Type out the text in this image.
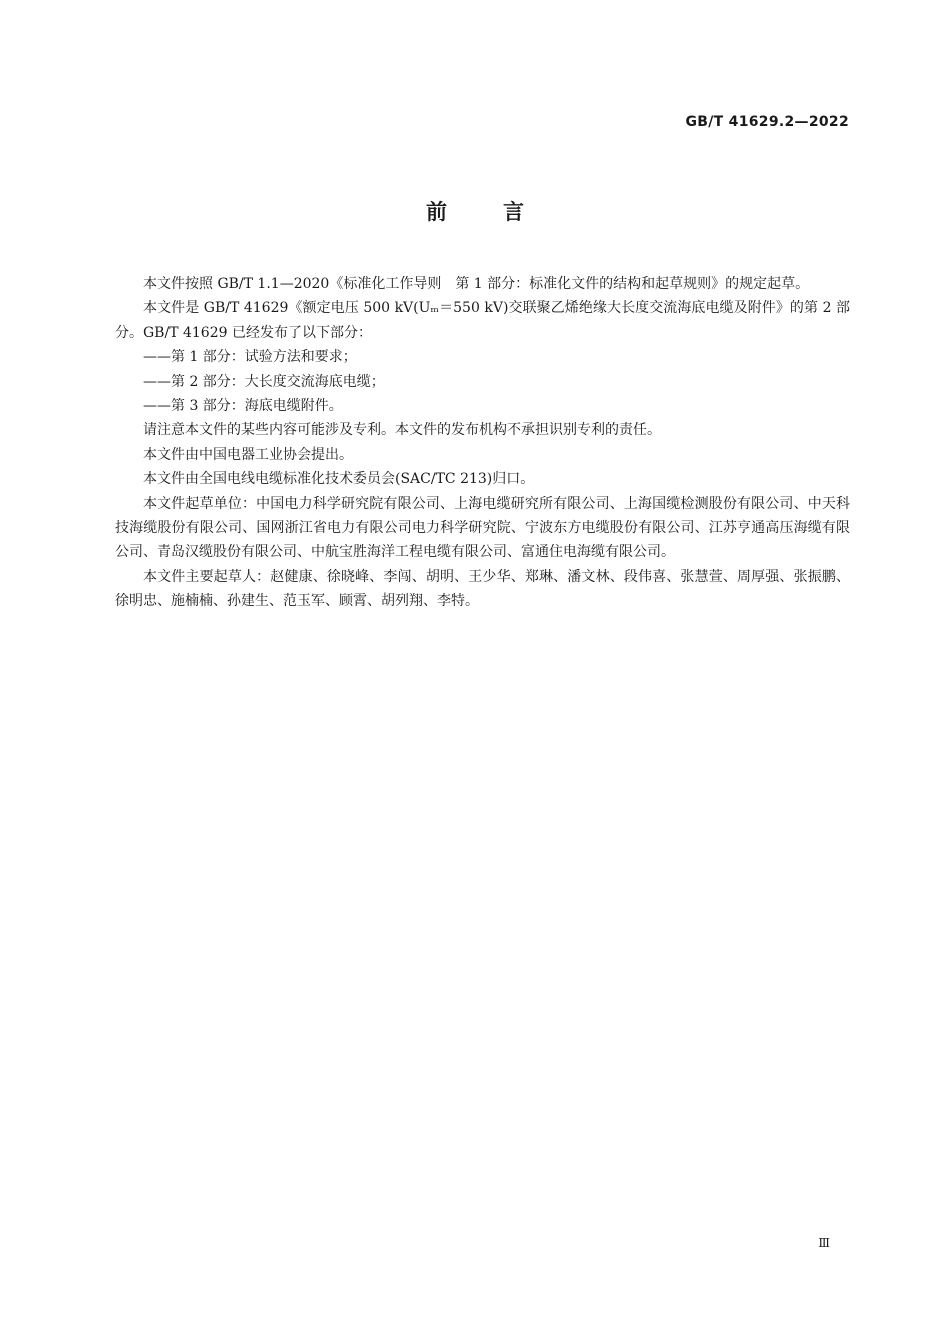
GB/T 41629.2—2022
前言

本文件按照 GB/T 1.1—2020《标准化工作导则　第 1 部分：标准化文件的结构和起草规则》的规定起草。

本文件是 GB/T 41629《额定电压 500 kV(Uₘ＝550 kV)交联聚乙烯绝缘大长度交流海底电缆及附件》的第 2 部分。GB/T 41629 已经发布了以下部分：

——第 1 部分：试验方法和要求；

——第 2 部分：大长度交流海底电缆；

——第 3 部分：海底电缆附件。

请注意本文件的某些内容可能涉及专利。本文件的发布机构不承担识别专利的责任。

本文件由中国电器工业协会提出。

本文件由全国电线电缆标准化技术委员会(SAC/TC 213)归口。

本文件起草单位：中国电力科学研究院有限公司、上海电缆研究所有限公司、上海国缆检测股份有限公司、中天科技海缆股份有限公司、国网浙江省电力有限公司电力科学研究院、宁波东方电缆股份有限公司、江苏亨通高压海缆有限公司、青岛汉缆股份有限公司、中航宝胜海洋工程电缆有限公司、富通住电海缆有限公司。

本文件主要起草人：赵健康、徐晓峰、李闯、胡明、王少华、郑琳、潘文林、段伟喜、张慧萱、周厚强、张振鹏、徐明忠、施楠楠、孙建生、范玉军、顾霄、胡列翔、李特。

Ⅲ
